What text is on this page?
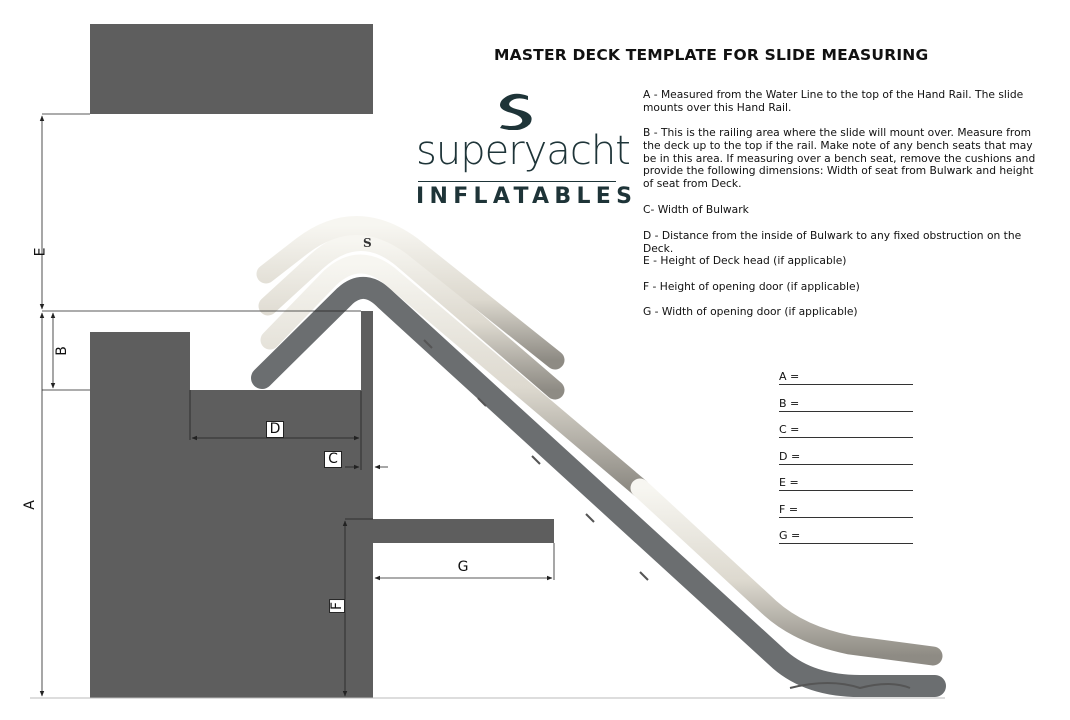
S
E
B
A
D
C
F
G
MASTER DECK TEMPLATE FOR SLIDE MEASURING
superyacht
INFLATABLES

A - Measured from the Water Line to the top of the Hand Rail. The slide mounts over this Hand Rail.

B - This is the railing area where the slide will mount over. Measure from the deck up to the top if the rail. Make note of any bench seats that may be in this area. If measuring over a bench seat, remove the cushions and provide the following dimensions: Width of seat from Bulwark and height of seat from Deck.

C- Width of Bulwark

D - Distance from the inside of Bulwark to any fixed obstruction on the Deck.

E - Height of Deck head (if applicable)

F - Height of opening door (if applicable)

G - Width of opening door (if applicable)

A =
B =
C =
D =
E =
F =
G =
